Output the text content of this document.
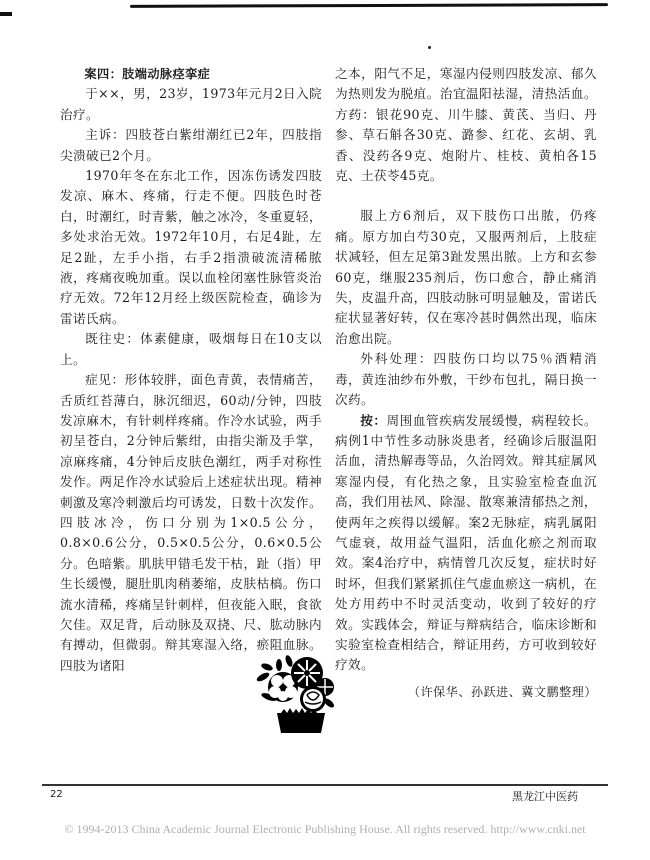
案四：肢端动脉痉挛症

于××，男，23岁，1973年元月2日入院治疗。

主诉：四肢苍白紫绀潮红已2年，四肢指尖溃破已2个月。

1970年冬在东北工作，因冻伤诱发四肢发凉、麻木、疼痛，行走不便。四肢色时苍白，时潮红，时青紫，触之冰冷，冬重夏轻，多处求治无效。1972年10月，右足4趾，左足2趾，左手小指，右手2指溃破流清稀脓液，疼痛夜晚加重。误以血栓闭塞性脉管炎治疗无效。72年12月经上级医院检查，确诊为雷诺氏病。

既往史：体素健康，吸烟每日在10支以上。

症见：形体较胖，面色青黄，表情痛苦，舌质红苔薄白，脉沉细迟，60动/分钟，四肢发凉麻木，有针刺样疼痛。作冷水试验，两手初呈苍白，2分钟后紫绀，由指尖渐及手掌，凉麻疼痛，4分钟后皮肤色潮红，两手对称性发作。两足作冷水试验后上述症状出现。精神刺激及寒冷刺激后均可诱发，日数十次发作。四肢冰冷，伤口分别为1×0.5公分，0.8×0.6公分，0.5×0.5公分，0.6×0.5公分。色暗紫。肌肤甲错毛发干枯，趾（指）甲生长缓慢，腿肚肌肉稍萎缩，皮肤枯槁。伤口流水清稀，疼痛呈针刺样，但夜能入眠，食欲欠佳。双足背，后动脉及双挠、尺、肱动脉内有搏动，但微弱。辩其寒湿入络，瘀阻血脉。四肢为诸阳

之本，阳气不足，寒湿内侵则四肢发凉、郁久为热则发为脱疽。治宜温阳祛湿，清热活血。方药：银花90克、川牛膝、黄芪、当归、丹参、草石斛各30克、潞参、红花、玄胡、乳香、没药各9克、炮附片、桂枝、黄柏各15克、土茯苓45克。

服上方6剂后，双下肢伤口出脓，仍疼痛。原方加白芍30克，又服两剂后，上肢症状减轻，但左足第3趾发黑出脓。上方和玄参60克，继服235剂后，伤口愈合，静止痛消失，皮温升高，四肢动脉可明显触及，雷诺氏症状显著好转，仅在寒冷甚时偶然出现，临床治愈出院。

外科处理：四肢伤口均以75％酒精消毒，黄连油纱布外敷，干纱布包扎，隔日换一次药。

按：周围血管疾病发展缓慢，病程较长。病例1中节性多动脉炎患者，经确诊后服温阳活血，清热解毒等品，久治罔效。辩其症属风寒湿内侵，有化热之象，且实验室检查血沉高，我们用祛风、除湿、散寒兼清郁热之剂，使两年之疾得以缓解。案2无脉症，病乳属阳气虚衰，故用益气温阳，活血化瘀之剂而取效。案4治疗中，病情曾几次反复，症状时好时坏，但我们紧紧抓住气虚血瘀这一病机，在处方用药中不时灵活变动，收到了较好的疗效。实践体会，辩证与辩病结合，临床诊断和实验室检查相结合，辩证用药，方可收到较好疗效。

（许保华、孙跃进、冀文鹏整理）
22	黑龙江中医药
© 1994-2013 China Academic Journal Electronic Publishing House. All rights reserved. http://www.cnki.net
